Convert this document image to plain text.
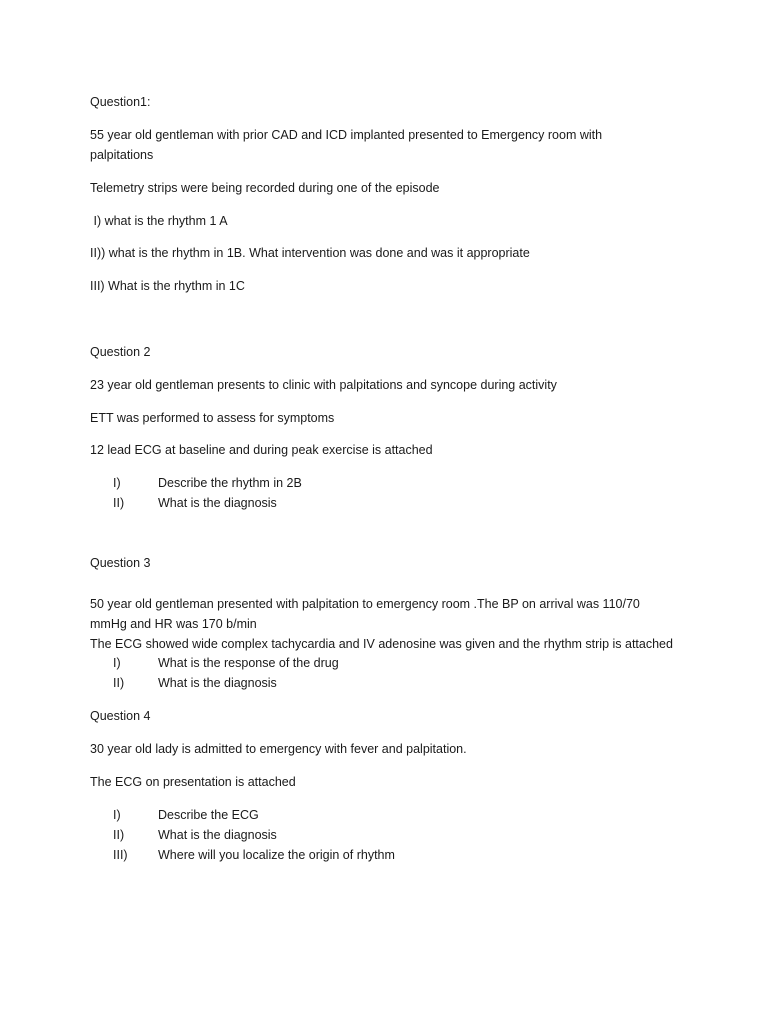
Question1:
55 year old gentleman with prior CAD and ICD implanted presented to Emergency room with palpitations
Telemetry strips were being recorded during one of the episode
I) what is the rhythm 1 A
II)) what is the rhythm in 1B. What intervention was done and was it appropriate
III) What is the rhythm in 1C
Question 2
23 year old gentleman presents to clinic with palpitations and syncope during activity
ETT was performed to assess for symptoms
12 lead ECG at baseline and during peak exercise is attached
I)	Describe the rhythm in 2B
II)	What is the diagnosis
Question 3
50 year old gentleman presented with palpitation to emergency room .The BP on arrival was 110/70 mmHg and HR was 170 b/min
The ECG showed wide complex tachycardia and IV adenosine was given and the rhythm strip is attached
I)	What is the response of the drug
II)	What is the diagnosis
Question 4
30 year old lady is admitted to emergency with fever and palpitation.
The ECG on presentation is attached
I)	Describe the ECG
II)	What is the diagnosis
III) Where will you localize the origin of rhythm
